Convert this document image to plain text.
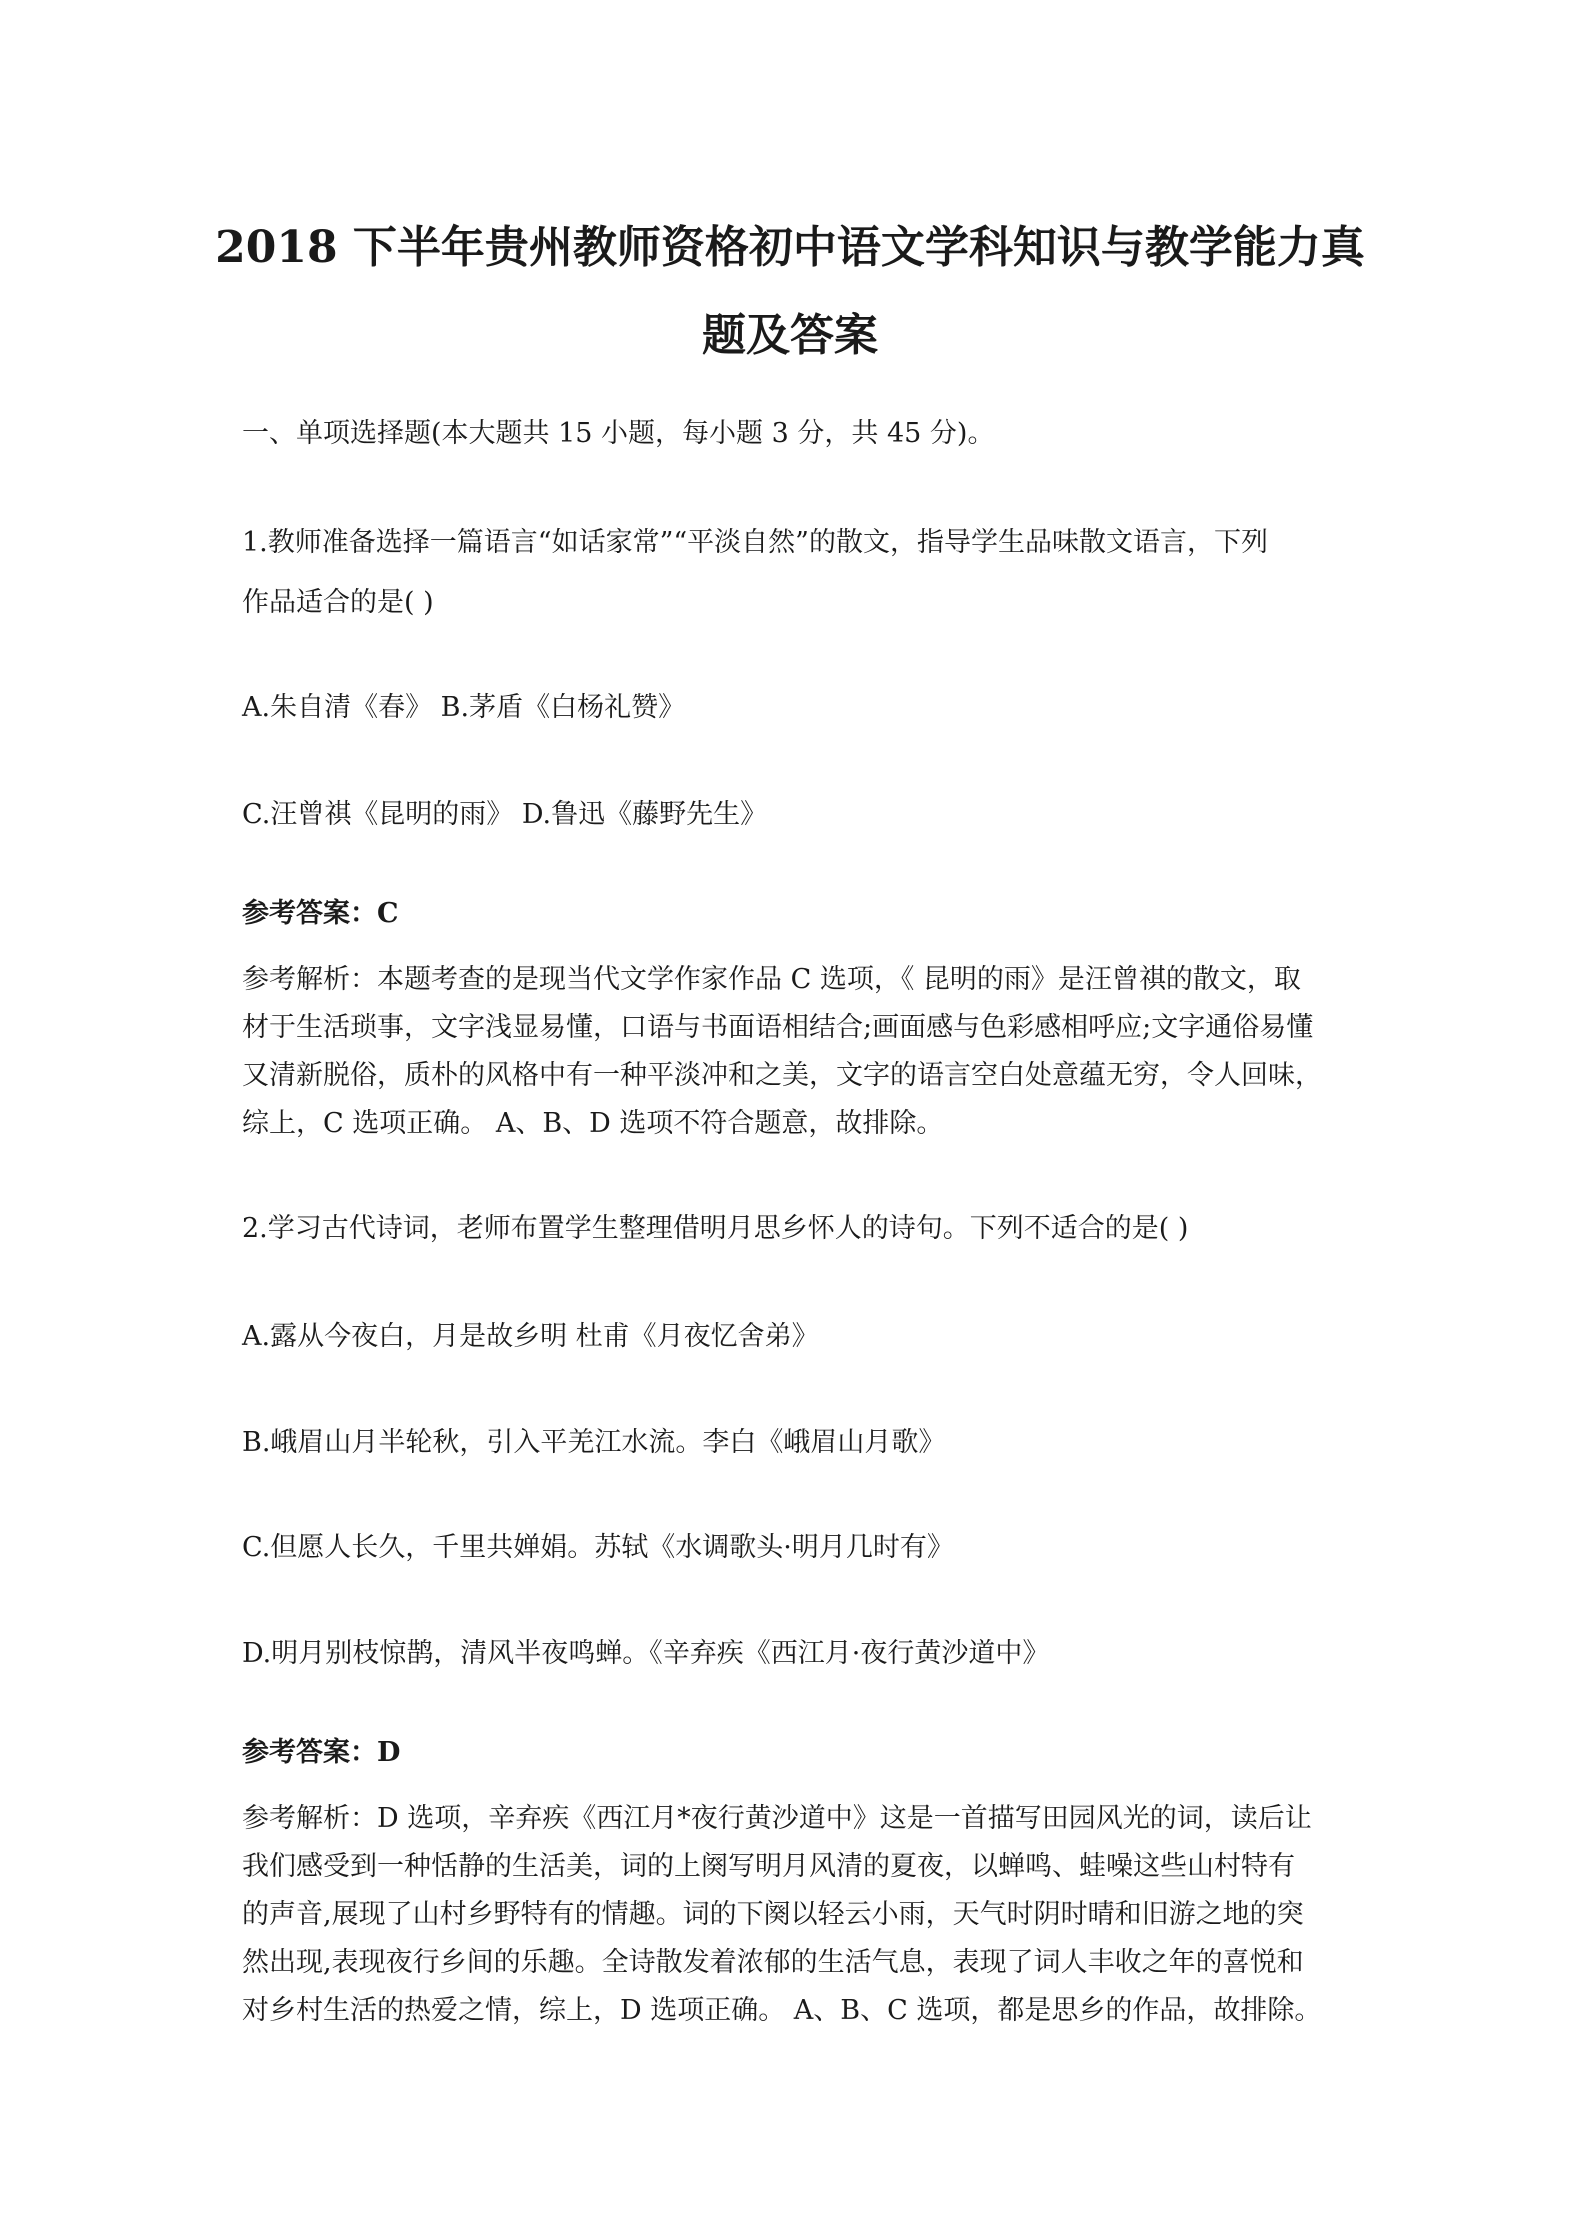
2018 下半年贵州教师资格初中语文学科知识与教学能力真
题及答案
一、单项选择题(本大题共 15 小题，每小题 3 分，共 45 分)。
1.教师准备选择一篇语言“如话家常”“平淡自然”的散文，指导学生品味散文语言，下列
作品适合的是( )
A.朱自清《春》 B.茅盾《白杨礼赞》
C.汪曾祺《昆明的雨》 D.鲁迅《藤野先生》
参考答案：C
参考解析：本题考查的是现当代文学作家作品 C 选项，《 昆明的雨》是汪曾祺的散文，取
材于生活琐事，文字浅显易懂，口语与书面语相结合;画面感与色彩感相呼应;文字通俗易懂
又清新脱俗，质朴的风格中有一种平淡冲和之美，文字的语言空白处意蕴无穷，令人回味，
综上，C 选项正确。 A、B、D 选项不符合题意，故排除。
2.学习古代诗词，老师布置学生整理借明月思乡怀人的诗句。下列不适合的是( )
A.露从今夜白，月是故乡明 杜甫《月夜忆舍弟》
B.峨眉山月半轮秋，引入平羌江水流。李白《峨眉山月歌》
C.但愿人长久，千里共婵娟。苏轼《水调歌头·明月几时有》
D.明月别枝惊鹊，清风半夜鸣蝉。《辛弃疾《西江月·夜行黄沙道中》
参考答案：D
参考解析：D 选项，辛弃疾《西江月*夜行黄沙道中》这是一首描写田园风光的词，读后让
我们感受到一种恬静的生活美，词的上阕写明月风清的夏夜，以蝉鸣、蛙噪这些山村特有
的声音,展现了山村乡野特有的情趣。词的下阕以轻云小雨，天气时阴时晴和旧游之地的突
然出现,表现夜行乡间的乐趣。全诗散发着浓郁的生活气息，表现了词人丰收之年的喜悦和
对乡村生活的热爱之情，综上，D 选项正确。 A、B、C 选项，都是思乡的作品，故排除。
